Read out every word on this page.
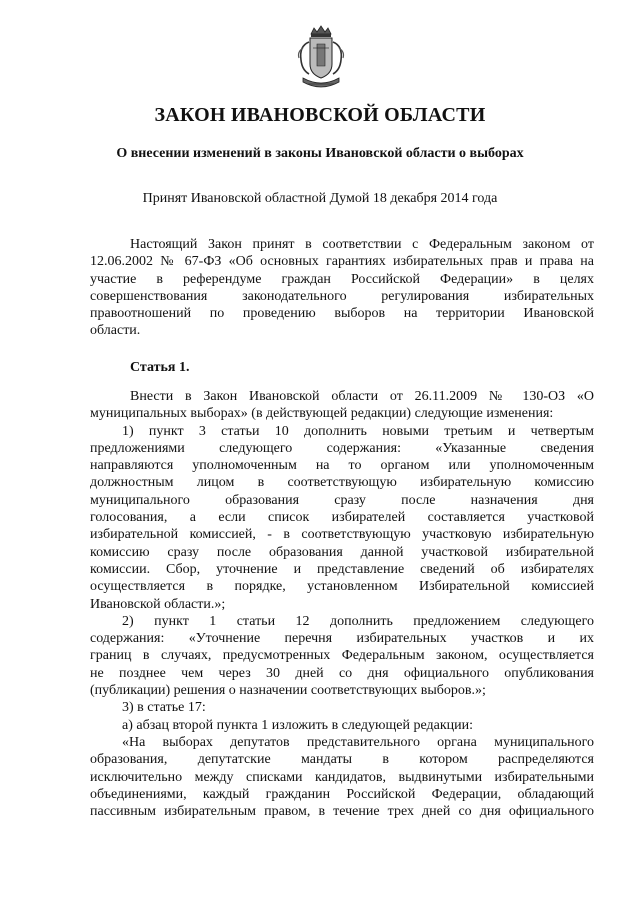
ЗАКОН ИВАНОВСКОЙ ОБЛАСТИ

О внесении изменений в законы Ивановской области о выборах

Принят Ивановской областной Думой 18 декабря 2014 года

Настоящий Закон принят в соответствии с Федеральным законом от
12.06.2002 № 67-ФЗ «Об основных гарантиях избирательных прав и права на
участие в референдуме граждан Российской Федерации» в целях
совершенствования законодательного регулирования избирательных
правоотношений по проведению выборов на территории Ивановской
области.

Статья 1.

Внести в Закон Ивановской области от 26.11.2009 № 130-ОЗ «О
муниципальных выборах» (в действующей редакции) следующие изменения:
1) пункт 3 статьи 10 дополнить новыми третьим и четвертым
предложениями следующего содержания: «Указанные сведения
направляются уполномоченным на то органом или уполномоченным
должностным лицом в соответствующую избирательную комиссию
муниципального образования сразу после назначения дня
голосования, а если список избирателей составляется участковой
избирательной комиссией, - в соответствующую участковую избирательную
комиссию сразу после образования данной участковой избирательной
комиссии. Сбор, уточнение и представление сведений об избирателях
осуществляется в порядке, установленном Избирательной комиссией
Ивановской области.»;
2) пункт 1 статьи 12 дополнить предложением следующего
содержания: «Уточнение перечня избирательных участков и их
границ в случаях, предусмотренных Федеральным законом, осуществляется
не позднее чем через 30 дней со дня официального опубликования
(публикации) решения о назначении соответствующих выборов.»;
3) в статье 17:
а) абзац второй пункта 1 изложить в следующей редакции:
«На выборах депутатов представительного органа муниципального
образования, депутатские мандаты в котором распределяются
исключительно между списками кандидатов, выдвинутыми избирательными
объединениями, каждый гражданин Российской Федерации, обладающий
пассивным избирательным правом, в течение трех дней со дня официального
